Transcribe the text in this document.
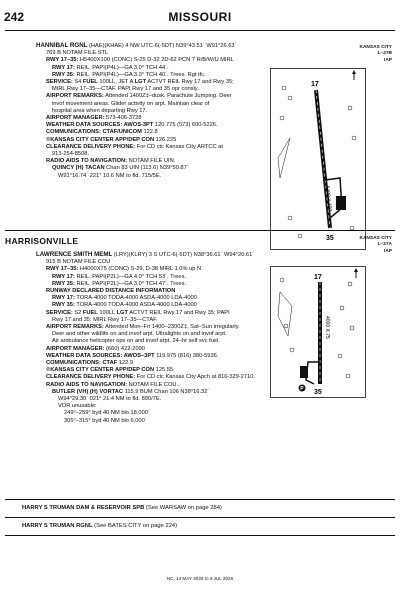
242	MISSOURI
HANNIBAL RGNL (HAE)(KHAE) 4 NW UTC-6(-5DT) N39°43.51´ W91°26.63´
769 B NOTAM FILE STL
RWY 17–35: H5400X100 (CONC) S-25 D-32 2D-62 PCN 7 R/B/W/U MIRL
RWY 17: REIL. PAPI(P4L)—GA 3.0° TCH 44´.
RWY 35: REIL. PAPI(P4L)—GA 3.0° TCH 40´. Trees. Rgt tfc.
SERVICE: S4 FUEL 100LL, JET A LGT ACTVT REIL Rwy 17 and Rwy 35;
MIRL Rwy 17–35—CTAF. PAPI Rwy 17 and 35 opr consly.
AIRPORT REMARKS: Attended 1400Z‡–dusk. Parachute Jumping. Deer
invof movement areas. Glider activity on arpt. Maintain clear of
hospital area when departing Rwy 17.
AIRPORT MANAGER: 573-406-3728
WEATHER DATA SOURCES: AWOS-3PT 120.775 (573) 600-5226.
COMMUNICATIONS: CTAF/UNICOM 122.8
®KANSAS CITY CENTER APP/DEP CON 126.225
CLEARANCE DELIVERY PHONE: For CD ctc Kansas City ARTCC at
913-254-8508.
RADIO AIDS TO NAVIGATION: NOTAM FILE UIN.
QUINCY (H) TACAN Chan 83 UIN (113.6) N39°50.87´
W91°16.74´ 221° 10.6 NM to fld. 715/5E.
KANSAS CITY
L–27B
IAP
17
35
5400 X 100
HARRISONVILLE
LAWRENCE SMITH MEML (LRY)(KLRY) 3 S UTC-6(-5DT) N38°36.61´ W94°20.61´
915 B NOTAM FILE COU
RWY 17–35: H4000X75 (CONC) S-29, D-38 MIRL 1.0% up N
RWY 17: REIL. PAPI(P2L)—GA 4.0° TCH 53´. Trees.
RWY 35: REIL. PAPI(P2L)—GA 3.0° TCH 47´. Trees.
RUNWAY DECLARED DISTANCE INFORMATION
RWY 17: TORA-4000 TODA-4000 ASDA-4000 LDA-4000
RWY 35: TORA-4000 TODA-4000 ASDA-4000 LDA-4000
SERVICE: S2 FUEL 100LL LGT ACTVT REIL Rwy 17 and Rwy 35; PAPI
Rwy 17 and 35; MIRL Rwy 17–35—CTAF.
AIRPORT REMARKS: Attended Mon–Fri 1400–2300Z‡, Sat–Sun irregularly.
Deer and other wildlife on and invof arpt. Ultralights on and invof arpt.
Air ambulance helicopter ops on and invof arpt. 24–hr self svc fuel.
AIRPORT MANAGER: (660) 422-2090
WEATHER DATA SOURCES: AWOS–3PT 119.975 (816) 380-5936.
COMMUNICATIONS: CTAF 122.9
®KANSAS CITY CENTER APP/DEP CON 125.55
CLEARANCE DELIVERY PHONE: For CD ctc Kansas City Apch at 816-329-2710.
RADIO AIDS TO NAVIGATION: NOTAM FILE COU..
BUTLER (VH) (H) VORTAC 115.9 BUM Chan 106 N38°16.32´
W94°29.30´ 021° 21.4 NM to fld. 890/7E.
VOR unusable:
249°–259° byd 40 NM blo 18,000´
305°–315° byd 40 NM blo 6,000´
KANSAS CITY
L–27A
IAP
17
35
4000 X 75
P
HARRY S TRUMAN DAM & RESERVOIR SPB (See WARSAW on page 284)
HARRY S TRUMAN RGNL (See BATES CITY on page 224)
NC, 14 MAY 2026 to 9 JUL 2026
